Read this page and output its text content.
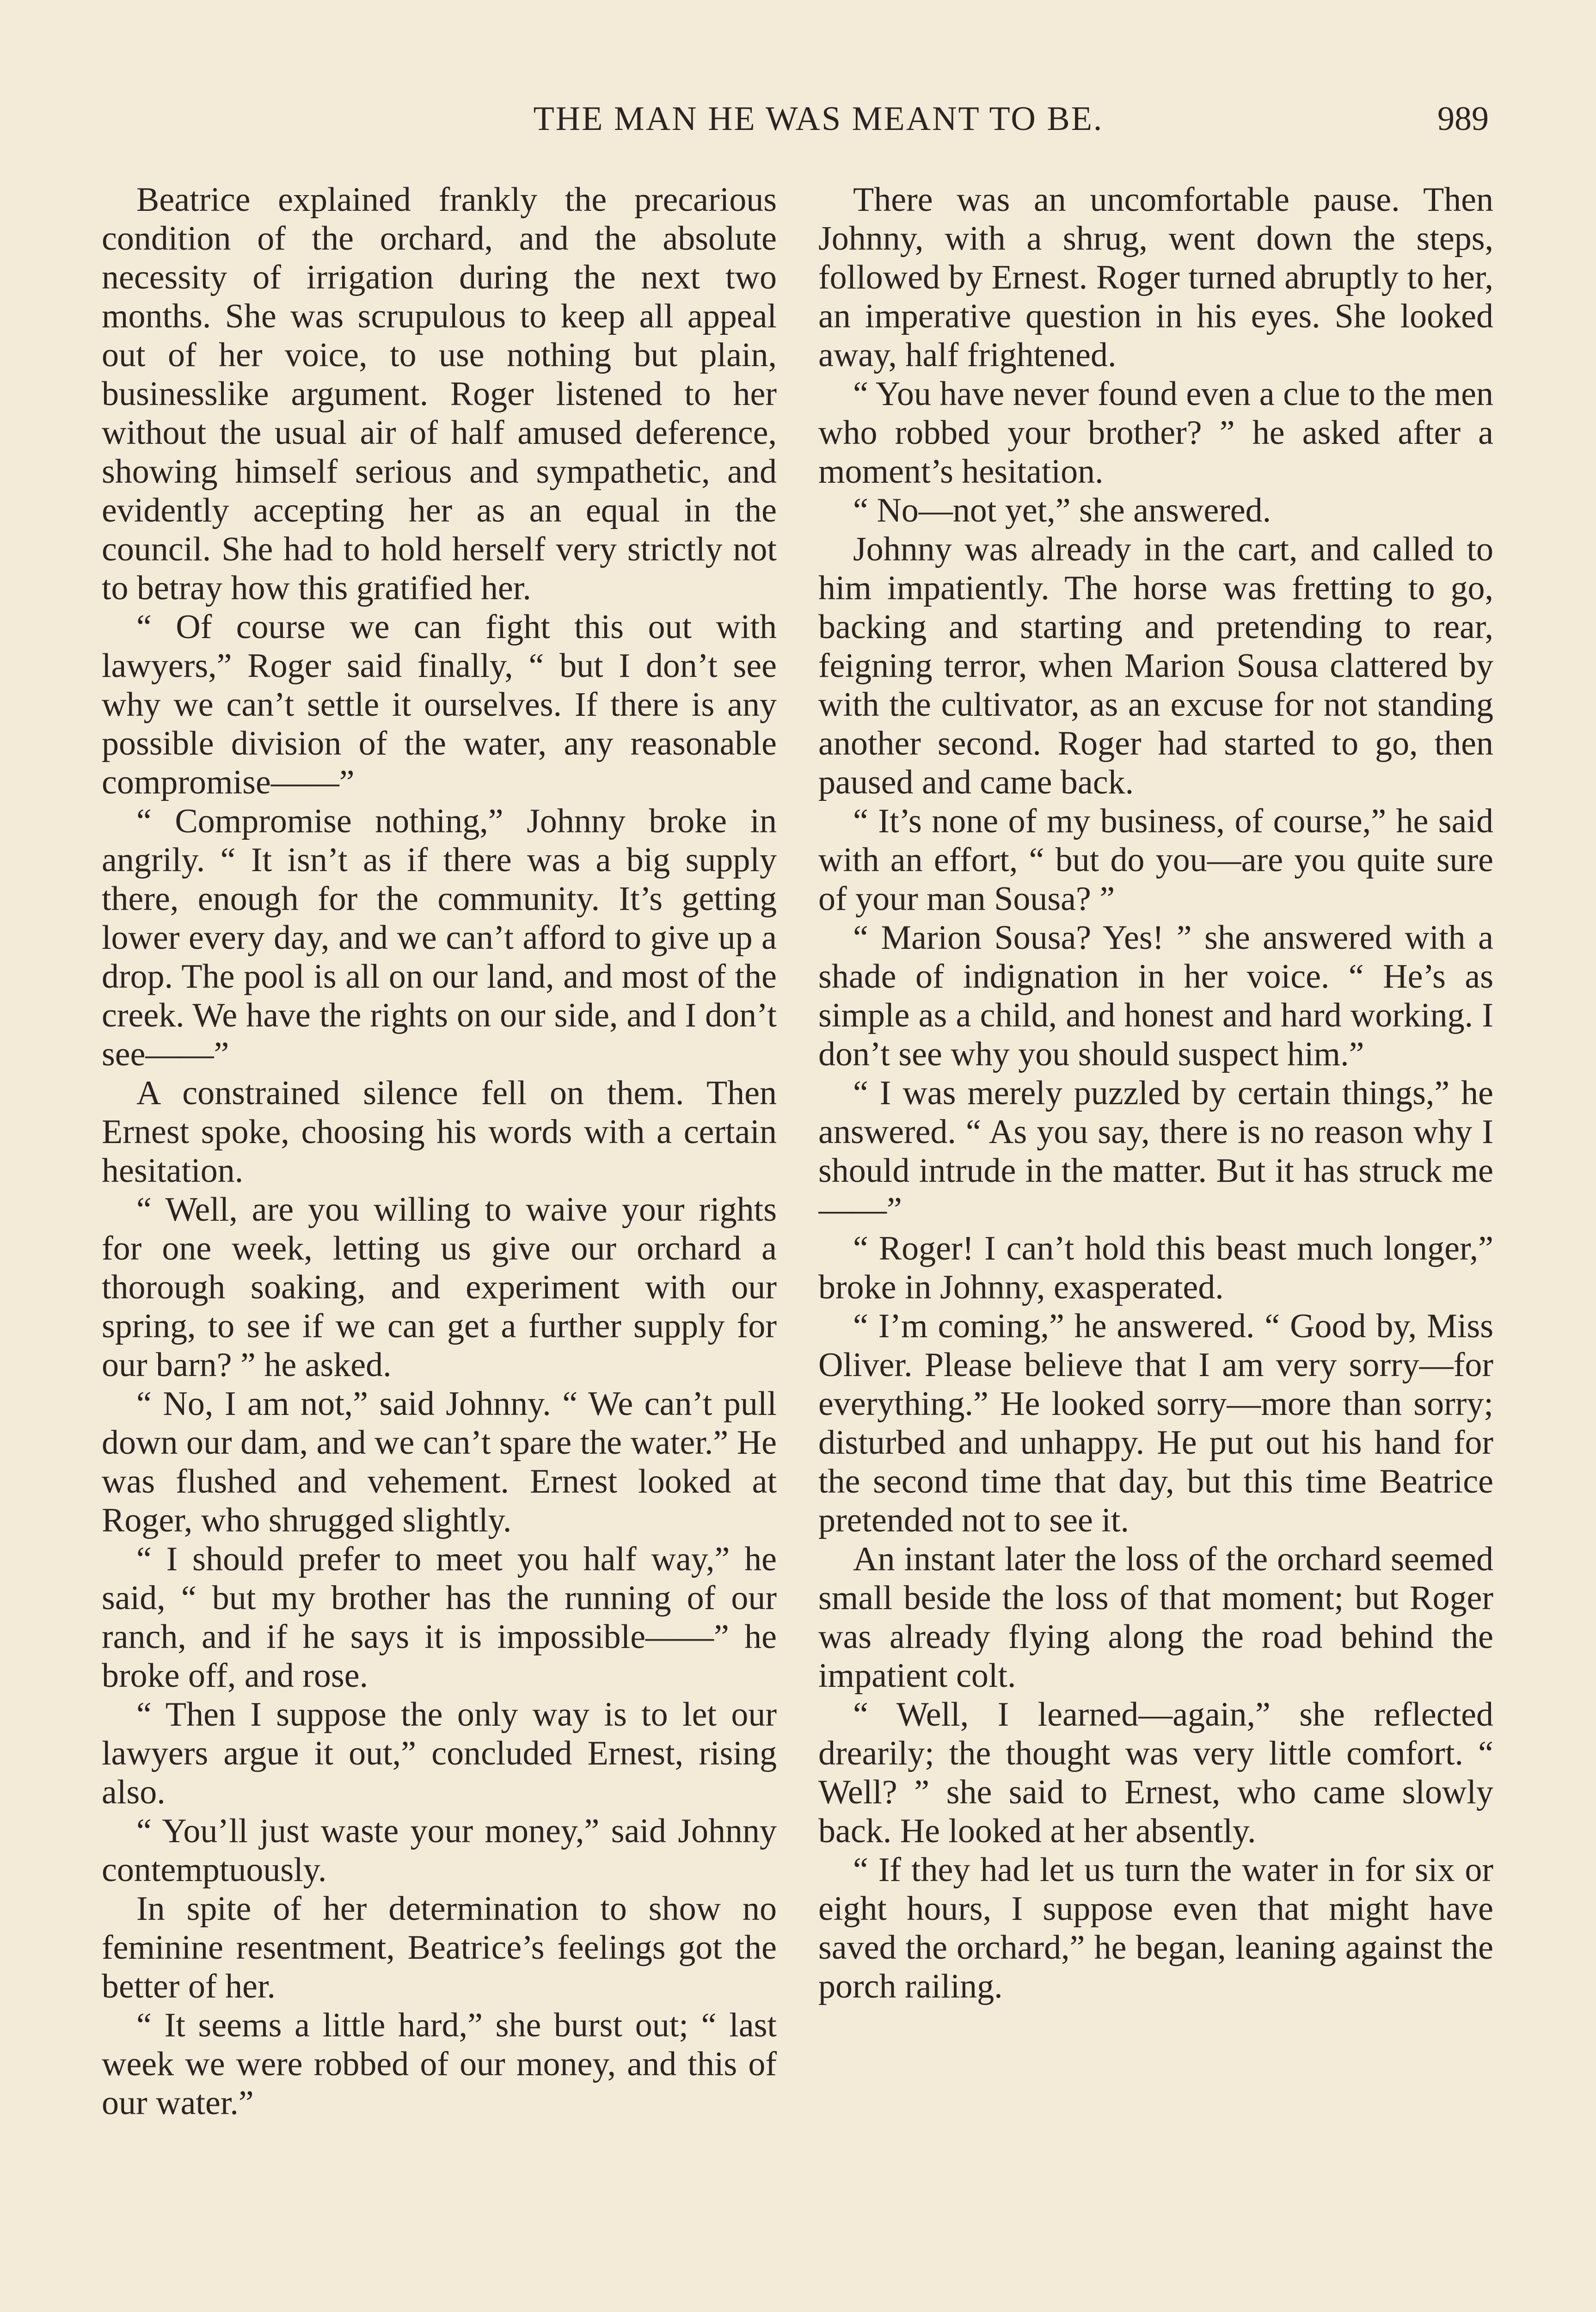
THE MAN HE WAS MEANT TO BE.	989

Beatrice explained frankly the precarious condition of the orchard, and the absolute necessity of irrigation during the next two months. She was scrupulous to keep all appeal out of her voice, to use nothing but plain, businesslike argument. Roger listened to her without the usual air of half amused deference, showing himself serious and sympathetic, and evidently accepting her as an equal in the council. She had to hold herself very strictly not to betray how this gratified her.

“ Of course we can fight this out with lawyers,” Roger said finally, “ but I don’t see why we can’t settle it ourselves. If there is any possible division of the water, any reasonable compromise——”

“ Compromise nothing,” Johnny broke in angrily. “ It isn’t as if there was a big supply there, enough for the community. It’s getting lower every day, and we can’t afford to give up a drop. The pool is all on our land, and most of the creek. We have the rights on our side, and I don’t see——”

A constrained silence fell on them. Then Ernest spoke, choosing his words with a certain hesitation.

“ Well, are you willing to waive your rights for one week, letting us give our orchard a thorough soaking, and experiment with our spring, to see if we can get a further supply for our barn? ” he asked.

“ No, I am not,” said Johnny. “ We can’t pull down our dam, and we can’t spare the water.” He was flushed and vehement. Ernest looked at Roger, who shrugged slightly.

“ I should prefer to meet you half way,” he said, “ but my brother has the running of our ranch, and if he says it is impossible——” he broke off, and rose.

“ Then I suppose the only way is to let our lawyers argue it out,” concluded Ernest, rising also.

“ You’ll just waste your money,” said Johnny contemptuously.

In spite of her determination to show no feminine resentment, Beatrice’s feelings got the better of her.

“ It seems a little hard,” she burst out; “ last week we were robbed of our money, and this of our water.”

There was an uncomfortable pause. Then Johnny, with a shrug, went down the steps, followed by Ernest. Roger turned abruptly to her, an imperative question in his eyes. She looked away, half frightened.

“ You have never found even a clue to the men who robbed your brother? ” he asked after a moment’s hesitation.

“ No—not yet,” she answered.

Johnny was already in the cart, and called to him impatiently. The horse was fretting to go, backing and starting and pretending to rear, feigning terror, when Marion Sousa clattered by with the cultivator, as an excuse for not standing another second. Roger had started to go, then paused and came back.

“ It’s none of my business, of course,” he said with an effort, “ but do you—are you quite sure of your man Sousa? ”

“ Marion Sousa? Yes! ” she answered with a shade of indignation in her voice. “ He’s as simple as a child, and honest and hard working. I don’t see why you should suspect him.”

“ I was merely puzzled by certain things,” he answered. “ As you say, there is no reason why I should intrude in the matter. But it has struck me——”

“ Roger! I can’t hold this beast much longer,” broke in Johnny, exasperated.

“ I’m coming,” he answered. “ Good by, Miss Oliver. Please believe that I am very sorry—for everything.” He looked sorry—more than sorry; disturbed and unhappy. He put out his hand for the second time that day, but this time Beatrice pretended not to see it.

An instant later the loss of the orchard seemed small beside the loss of that moment; but Roger was already flying along the road behind the impatient colt.

“ Well, I learned—again,” she reflected drearily; the thought was very little comfort. “ Well? ” she said to Ernest, who came slowly back. He looked at her absently.

“ If they had let us turn the water in for six or eight hours, I suppose even that might have saved the orchard,” he began, leaning against the porch railing.
